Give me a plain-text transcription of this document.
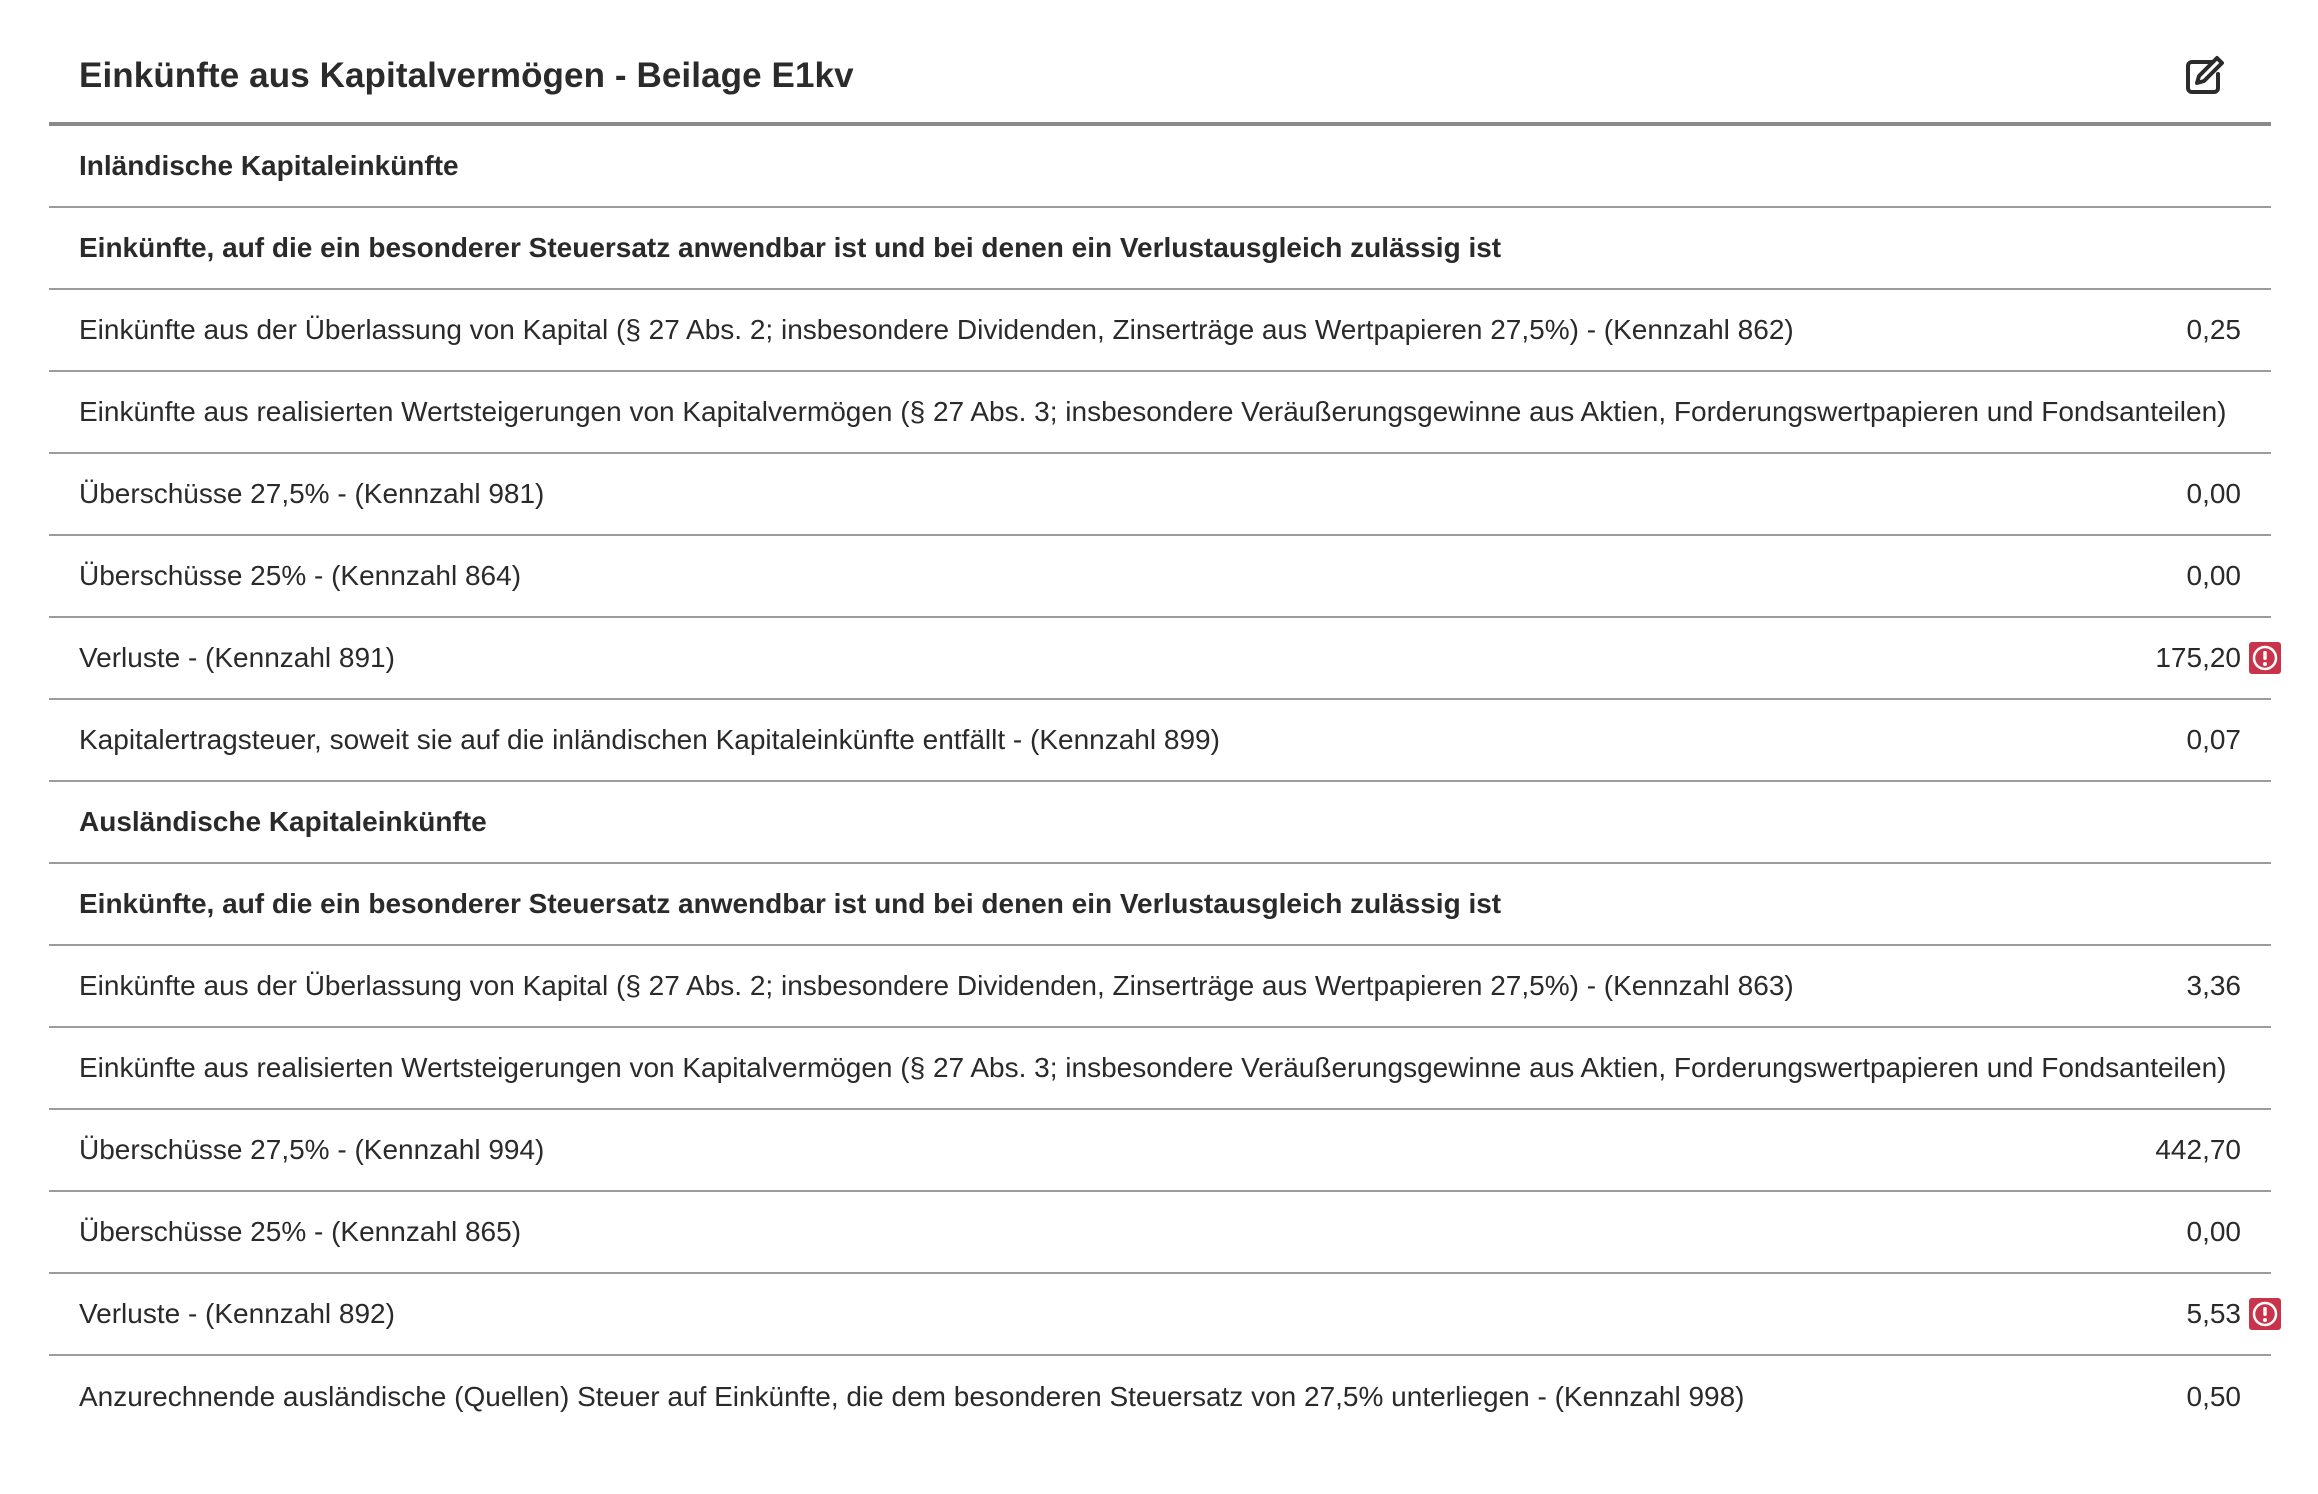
Einkünfte aus Kapitalvermögen - Beilage E1kv
Inländische Kapitaleinkünfte
Einkünfte, auf die ein besonderer Steuersatz anwendbar ist und bei denen ein Verlustausgleich zulässig ist
Einkünfte aus der Überlassung von Kapital (§ 27 Abs. 2; insbesondere Dividenden, Zinserträge aus Wertpapieren 27,5%) - (Kennzahl 862)	0,25
Einkünfte aus realisierten Wertsteigerungen von Kapitalvermögen (§ 27 Abs. 3; insbesondere Veräußerungsgewinne aus Aktien, Forderungswertpapieren und Fondsanteilen)
Überschüsse 27,5% - (Kennzahl 981)	0,00
Überschüsse 25% - (Kennzahl 864)	0,00
Verluste - (Kennzahl 891)	175,20
Kapitalertragsteuer, soweit sie auf die inländischen Kapitaleinkünfte entfällt - (Kennzahl 899)	0,07
Ausländische Kapitaleinkünfte
Einkünfte, auf die ein besonderer Steuersatz anwendbar ist und bei denen ein Verlustausgleich zulässig ist
Einkünfte aus der Überlassung von Kapital (§ 27 Abs. 2; insbesondere Dividenden, Zinserträge aus Wertpapieren 27,5%) - (Kennzahl 863)	3,36
Einkünfte aus realisierten Wertsteigerungen von Kapitalvermögen (§ 27 Abs. 3; insbesondere Veräußerungsgewinne aus Aktien, Forderungswertpapieren und Fondsanteilen)
Überschüsse 27,5% - (Kennzahl 994)	442,70
Überschüsse 25% - (Kennzahl 865)	0,00
Verluste - (Kennzahl 892)	5,53
Anzurechnende ausländische (Quellen) Steuer auf Einkünfte, die dem besonderen Steuersatz von 27,5% unterliegen - (Kennzahl 998)	0,50
